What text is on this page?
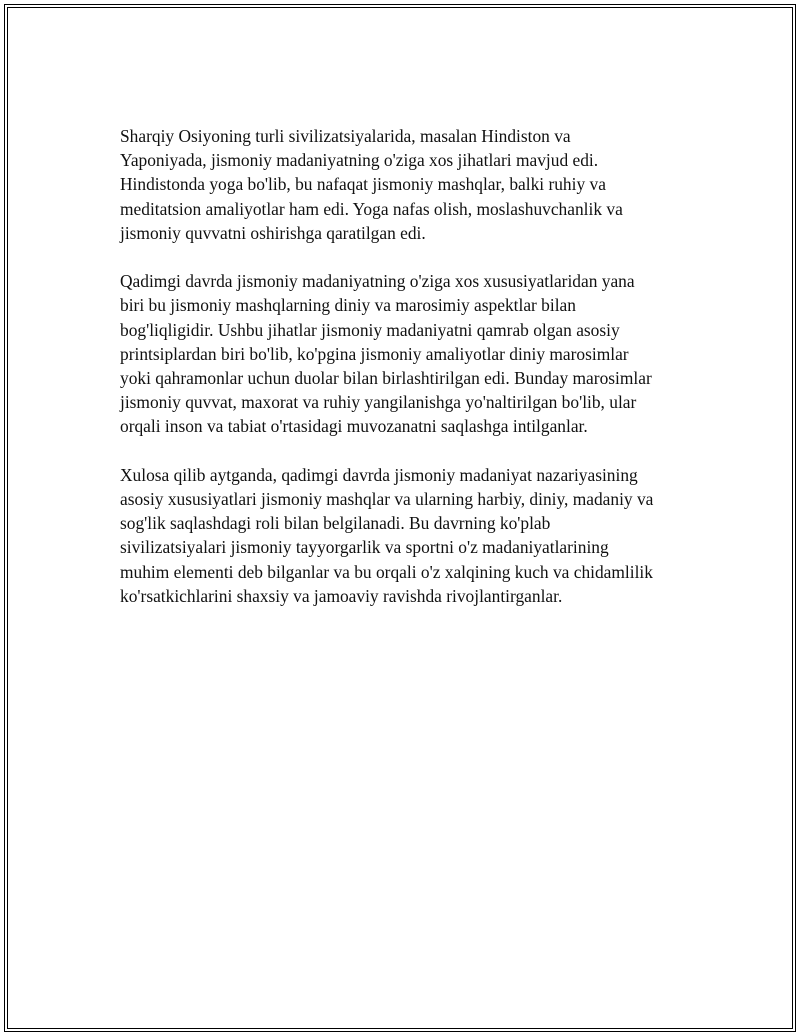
Sharqiy Osiyoning turli sivilizatsiyalarida, masalan Hindiston va
Yaponiyada, jismoniy madaniyatning o'ziga xos jihatlari mavjud edi.
Hindistonda yoga bo'lib, bu nafaqat jismoniy mashqlar, balki ruhiy va
meditatsion amaliyotlar ham edi. Yoga nafas olish, moslashuvchanlik va
jismoniy quvvatni oshirishga qaratilgan edi.

Qadimgi davrda jismoniy madaniyatning o'ziga xos xususiyatlaridan yana
biri bu jismoniy mashqlarning diniy va marosimiy aspektlar bilan
bog'liqligidir. Ushbu jihatlar jismoniy madaniyatni qamrab olgan asosiy
printsiplardan biri bo'lib, ko'pgina jismoniy amaliyotlar diniy marosimlar
yoki qahramonlar uchun duolar bilan birlashtirilgan edi. Bunday marosimlar
jismoniy quvvat, maxorat va ruhiy yangilanishga yo'naltirilgan bo'lib, ular
orqali inson va tabiat o'rtasidagi muvozanatni saqlashga intilganlar.

Xulosa qilib aytganda, qadimgi davrda jismoniy madaniyat nazariyasining
asosiy xususiyatlari jismoniy mashqlar va ularning harbiy, diniy, madaniy va
sog'lik saqlashdagi roli bilan belgilanadi. Bu davrning ko'plab
sivilizatsiyalari jismoniy tayyorgarlik va sportni o'z madaniyatlarining
muhim elementi deb bilganlar va bu orqali o'z xalqining kuch va chidamlilik
ko'rsatkichlarini shaxsiy va jamoaviy ravishda rivojlantirganlar.
